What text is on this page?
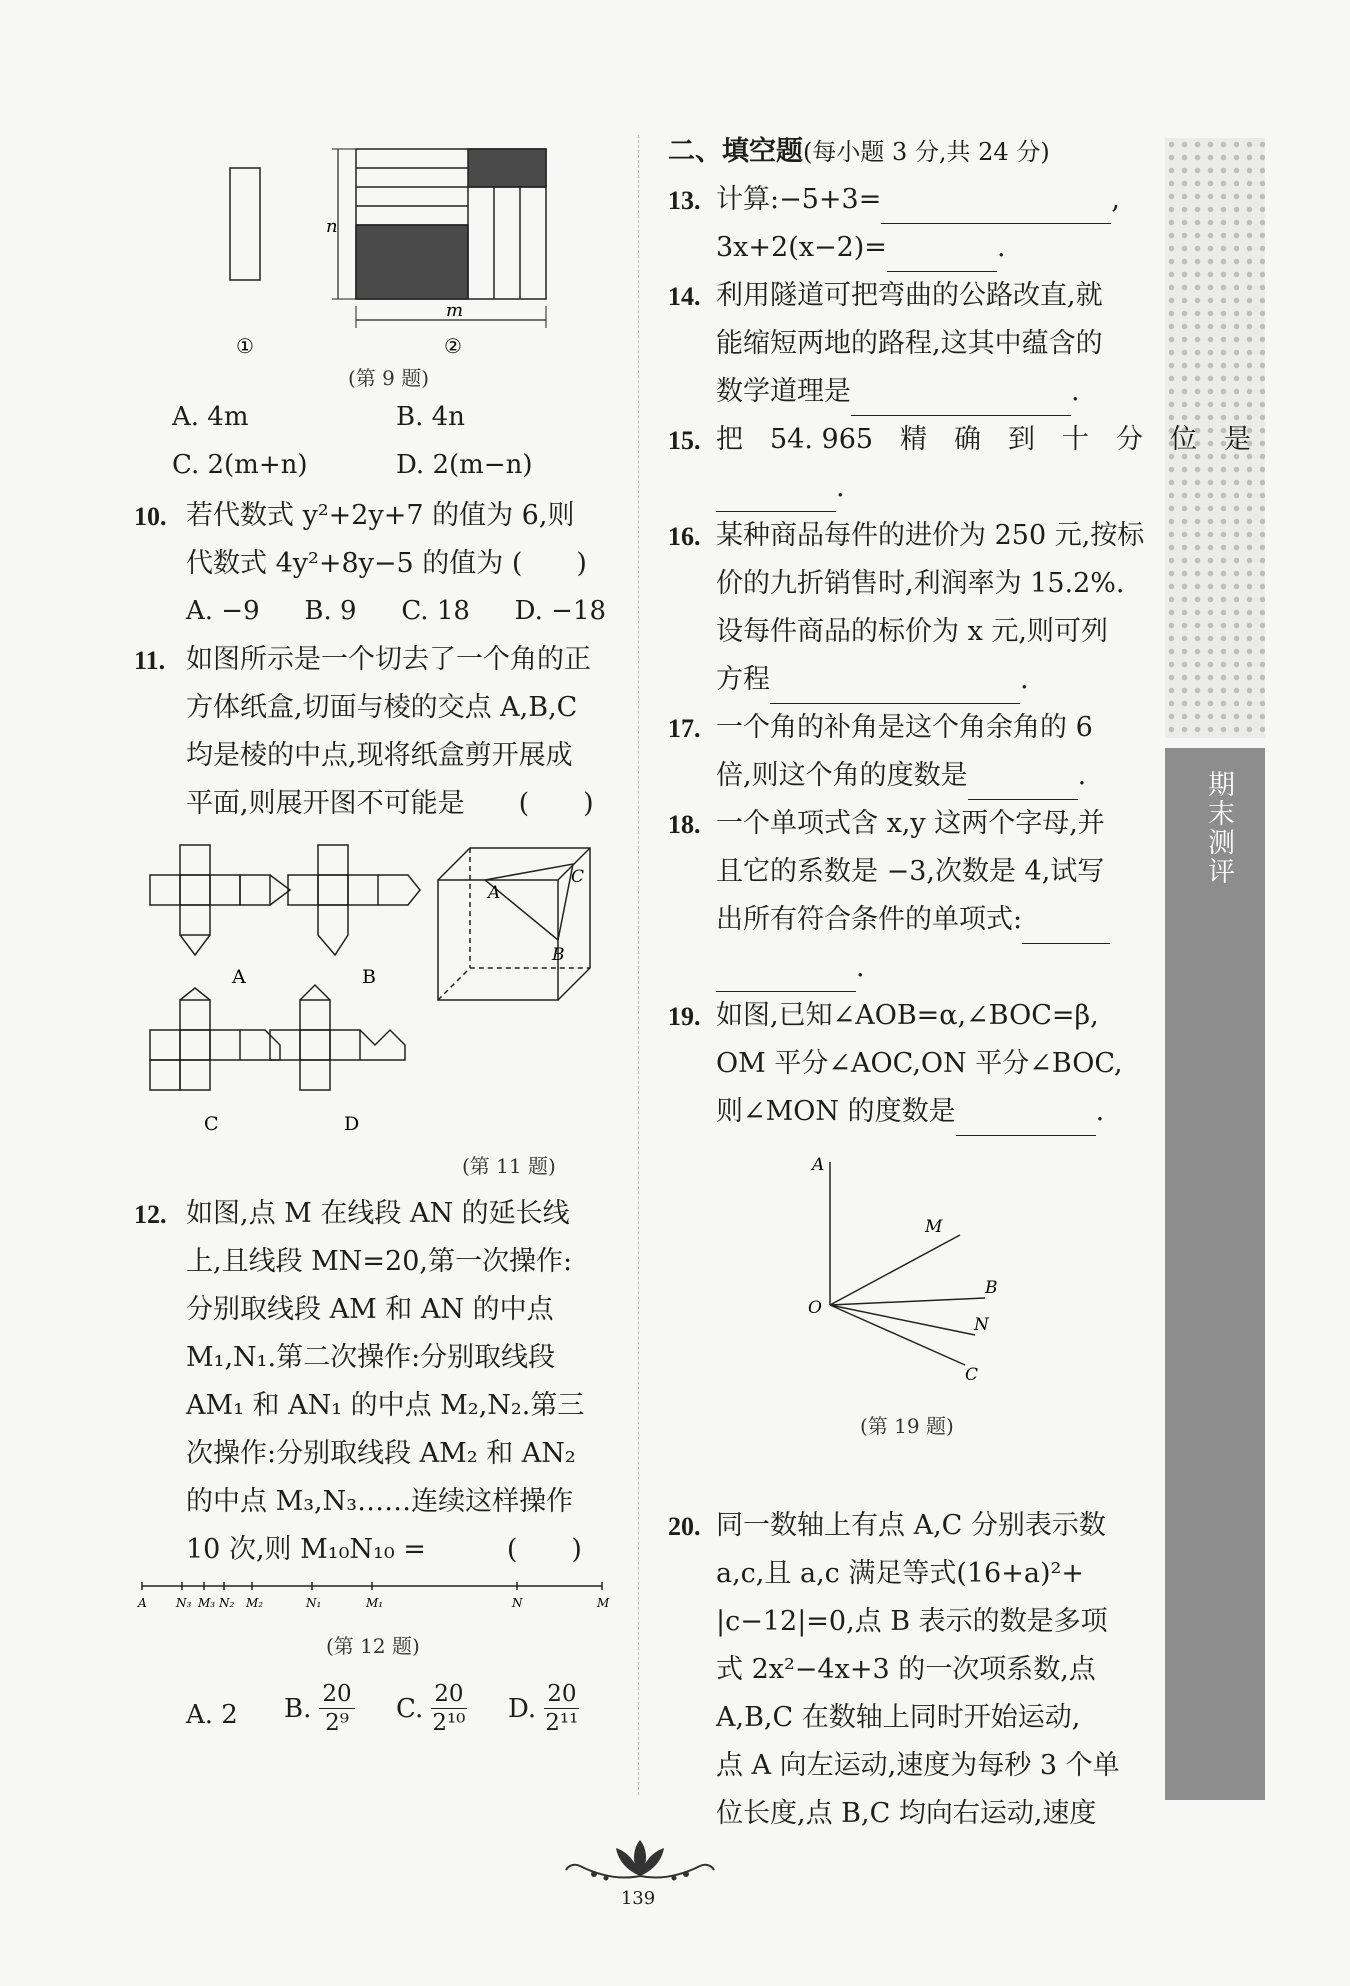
期末测评
n
m
①	②
(第 9 题)
A. 4m	B. 4n
C. 2(m+n)	D. 2(m−n)
10. 若代数式 y²+2y+7 的值为 6,则
代数式 4y²+8y−5 的值为 (　　)
A. −9 B. 9 C. 18 D. −18
11. 如图所示是一个切去了一个角的正
方体纸盒,切面与棱的交点 A,B,C
均是棱的中点,现将纸盒剪开展成
平面,则展开图不可能是　　(　　)
A	B
C	D
A
C
B
(第 11 题)
12. 如图,点 M 在线段 AN 的延长线
上,且线段 MN=20,第一次操作:
分别取线段 AM 和 AN 的中点
M₁,N₁.第二次操作:分别取线段
AM₁ 和 AN₁ 的中点 M₂,N₂.第三
次操作:分别取线段 AM₂ 和 AN₂
的中点 M₃,N₃……连续这样操作
10 次,则 M₁₀N₁₀ =　　　(　　)
A N₃ M₃ N₂ M₂	N₁	M₁	N	M
(第 12 题)
A. 2 B. $\frac{20}{\text{2⁹}} C$. $\frac{20}{\text{2¹⁰}} D$. $\frac{20}{\text{2¹¹}}$
二、填空题(每小题 3 分,共 24 分)
13. 计算:−5+3=	,
3x+2(x−2)=	.
14. 利用隧道可把弯曲的公路改直,就
能缩短两地的路程,这其中蕴含的
数学道理是	.
15. 把　54. 965　精　确　到　十　分　位　是
.
16. 某种商品每件的进价为 250 元,按标
价的九折销售时,利润率为 15.2%.
设每件商品的标价为 x 元,则可列
方程	.
17. 一个角的补角是这个角余角的 6
倍,则这个角的度数是	.
18. 一个单项式含 x,y 这两个字母,并
且它的系数是 −3,次数是 4,试写
出所有符合条件的单项式:
.
19. 如图,已知∠AOB=α,∠BOC=β,
OM 平分∠AOC,ON 平分∠BOC,
则∠MON 的度数是	.
A
M
O
B
N
C
(第 19 题)
20. 同一数轴上有点 A,C 分别表示数
a,c,且 a,c 满足等式(16+a)²+
|c−12|=0,点 B 表示的数是多项
式 2x²−4x+3 的一次项系数,点
A,B,C 在数轴上同时开始运动,
点 A 向左运动,速度为每秒 3 个单
位长度,点 B,C 均向右运动,速度
139
